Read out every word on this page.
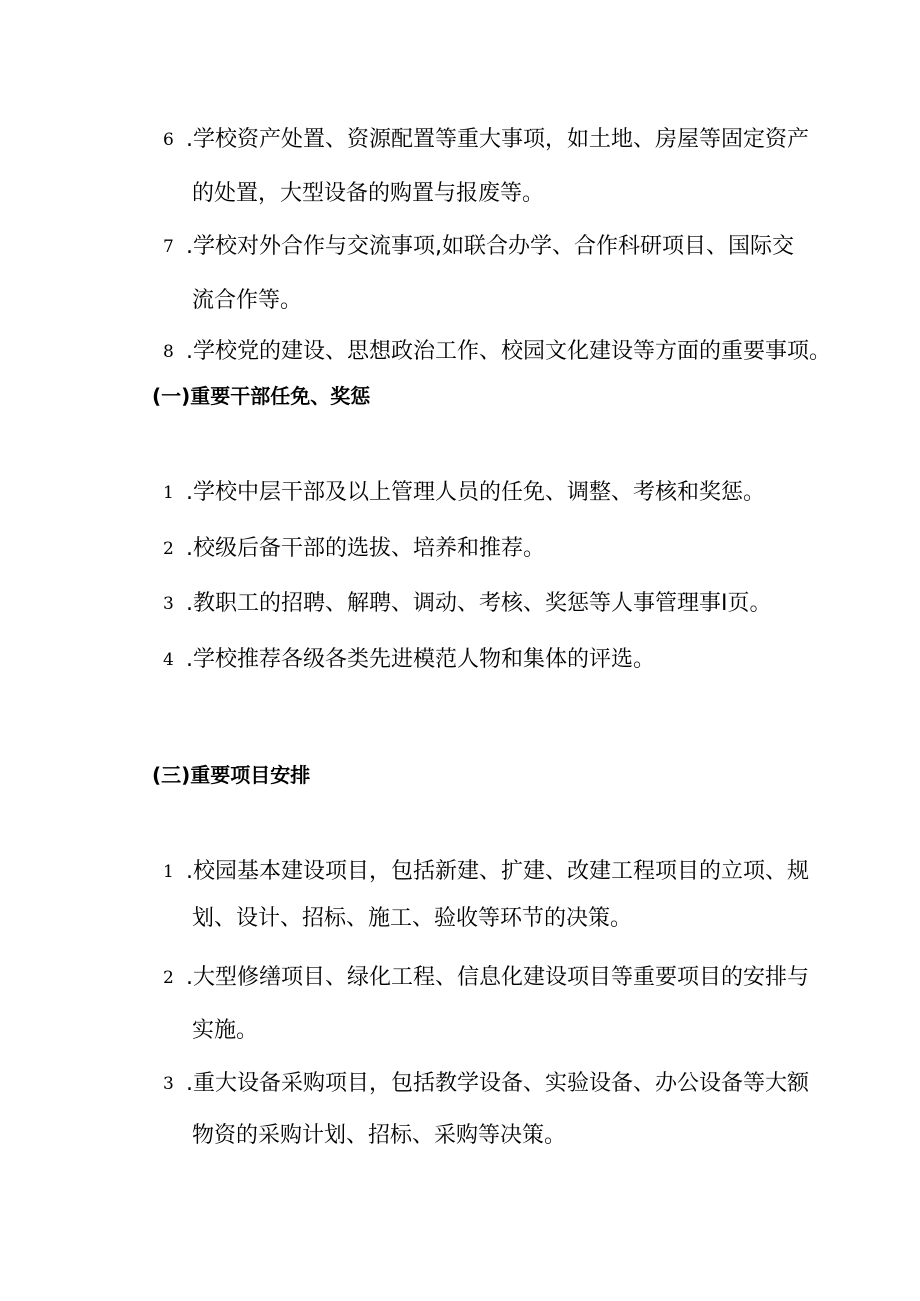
6 .学校资产处置、资源配置等重大事项，如土地、房屋等固定资产
的处置，大型设备的购置与报废等。
7 .学校对外合作与交流事项,如联合办学、合作科研项目、国际交
流合作等。
8 .学校党的建设、思想政治工作、校园文化建设等方面的重要事项。
(一)重要干部任免、奖惩
1 .学校中层干部及以上管理人员的任免、调整、考核和奖惩。
2 .校级后备干部的选拔、培养和推荐。
3 .教职工的招聘、解聘、调动、考核、奖惩等人事管理事I页。
4 .学校推荐各级各类先进模范人物和集体的评选。
(三)重要项目安排
1 .校园基本建设项目，包括新建、扩建、改建工程项目的立项、规
划、设计、招标、施工、验收等环节的决策。
2 .大型修缮项目、绿化工程、信息化建设项目等重要项目的安排与
实施。
3 .重大设备采购项目，包括教学设备、实验设备、办公设备等大额
物资的采购计划、招标、采购等决策。
